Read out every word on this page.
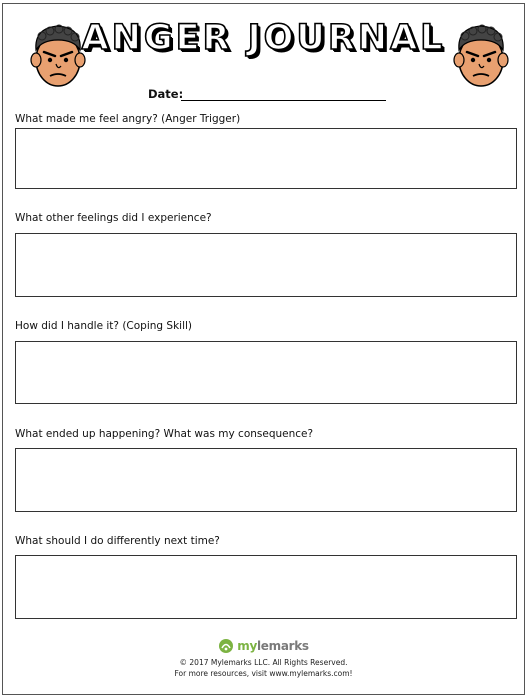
ANGER JOURNAL
Date:
What made me feel angry? (Anger Trigger)
What other feelings did I experience?
How did I handle it? (Coping Skill)
What ended up happening? What was my consequence?
What should I do differently next time?
mylemarks
© 2017 Mylemarks LLC. All Rights Reserved.
For more resources, visit www.mylemarks.com!
